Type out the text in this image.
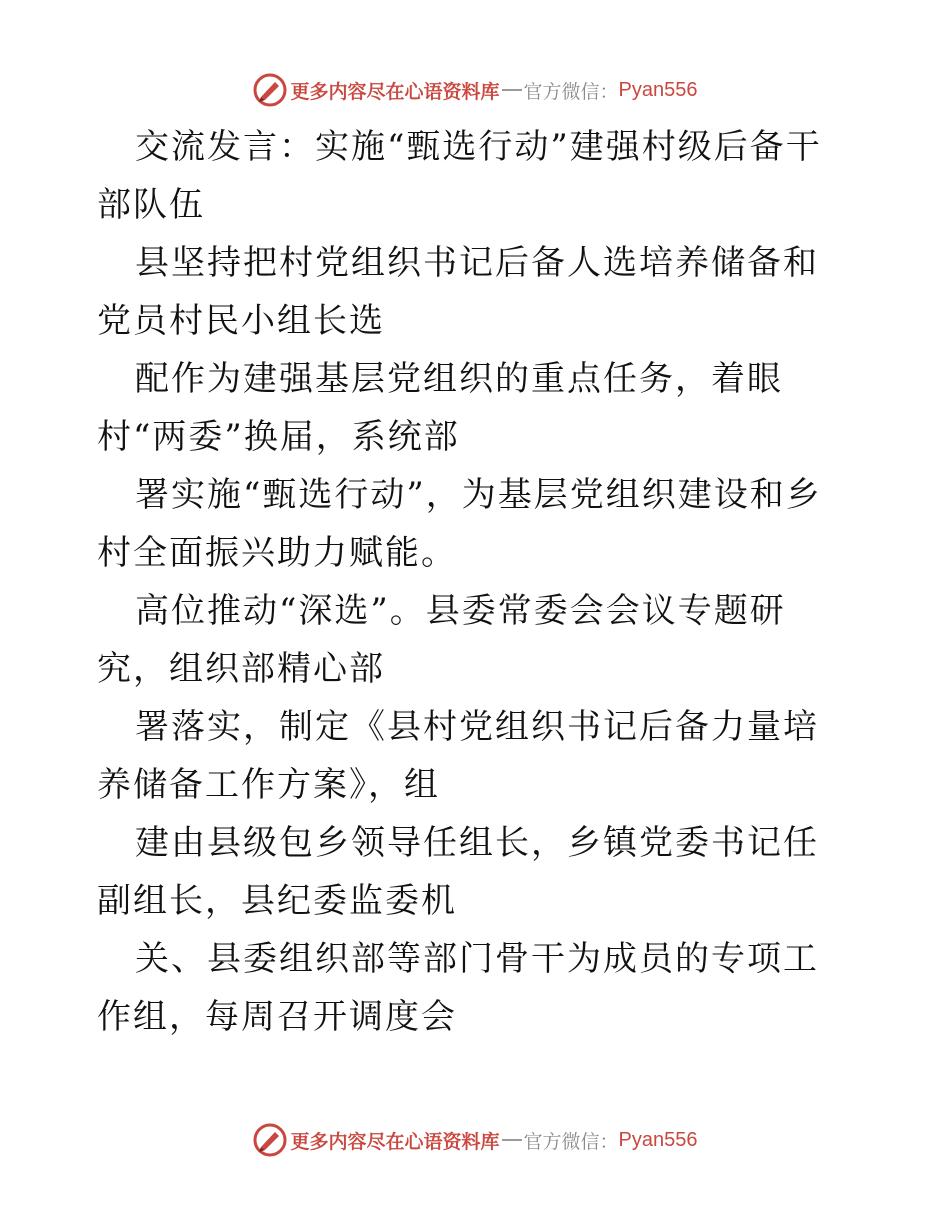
更多内容尽在心语资料库 官方微信： Pyan556

交流发言：实施“甄选行动”建强村级后备干部队伍

县坚持把村党组织书记后备人选培养储备和党员村民小组长选

配作为建强基层党组织的重点任务，着眼村“两委”换届，系统部

署实施“甄选行动”，为基层党组织建设和乡村全面振兴助力赋能。

高位推动“深选”。县委常委会会议专题研究，组织部精心部

署落实，制定《县村党组织书记后备力量培养储备工作方案》，组

建由县级包乡领导任组长，乡镇党委书记任副组长，县纪委监委机

关、县委组织部等部门骨干为成员的专项工作组，每周召开调度会

更多内容尽在心语资料库 官方微信： Pyan556
